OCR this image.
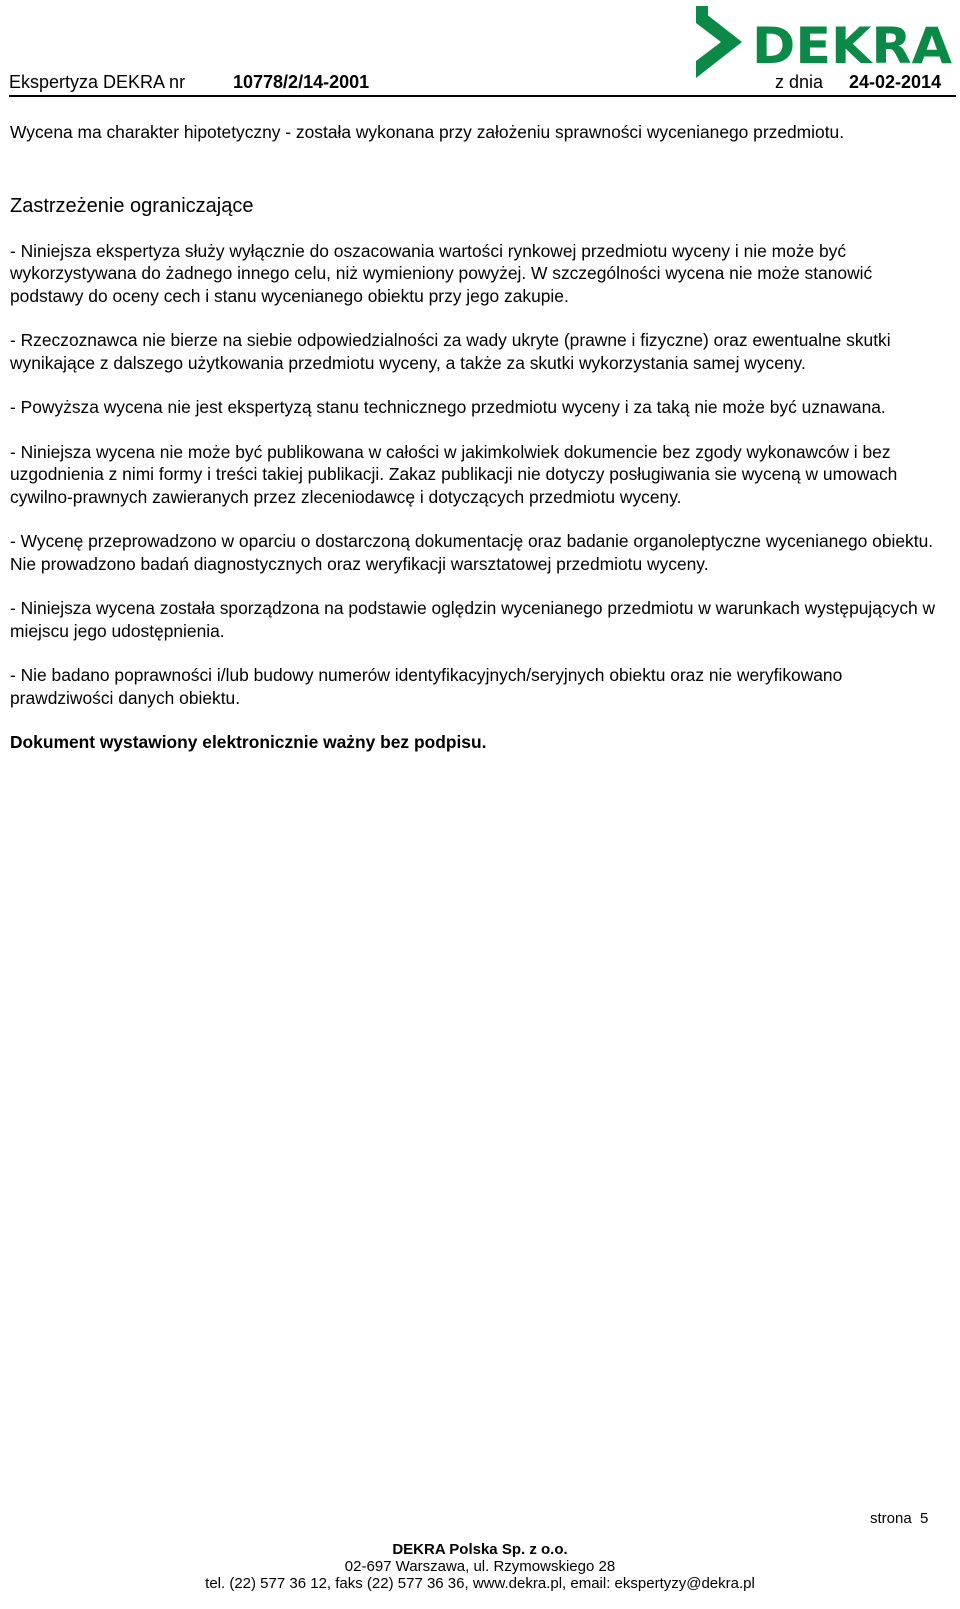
DEKRA
Ekspertyza DEKRA nr	10778/2/14-2001	z dnia 24-02-2014

Wycena ma charakter hipotetyczny - została wykonana przy założeniu sprawności wycenianego przedmiotu.

Zastrzeżenie ograniczające

- Niniejsza ekspertyza służy wyłącznie do oszacowania wartości rynkowej przedmiotu wyceny i nie może być wykorzystywana do żadnego innego celu, niż wymieniony powyżej. W szczególności wycena nie może stanowić podstawy do oceny cech i stanu wycenianego obiektu przy jego zakupie.

- Rzeczoznawca nie bierze na siebie odpowiedzialności za wady ukryte (prawne i fizyczne) oraz ewentualne skutki wynikające z dalszego użytkowania przedmiotu wyceny, a także za skutki wykorzystania samej wyceny.

- Powyższa wycena nie jest ekspertyzą stanu technicznego przedmiotu wyceny i za taką nie może być uznawana.

- Niniejsza wycena nie może być publikowana w całości w jakimkolwiek dokumencie bez zgody wykonawców i bez uzgodnienia z nimi formy i treści takiej publikacji. Zakaz publikacji nie dotyczy posługiwania sie wyceną w umowach cywilno-prawnych zawieranych przez zleceniodawcę i dotyczących przedmiotu wyceny.

- Wycenę przeprowadzono w oparciu o dostarczoną dokumentację oraz badanie organoleptyczne wycenianego obiektu. Nie prowadzono badań diagnostycznych oraz weryfikacji warsztatowej przedmiotu wyceny.

- Niniejsza wycena została sporządzona na podstawie oględzin wycenianego przedmiotu w warunkach występujących w miejscu jego udostępnienia.

- Nie badano poprawności i/lub budowy numerów identyfikacyjnych/seryjnych obiektu oraz nie weryfikowano prawdziwości danych obiektu.

Dokument wystawiony elektronicznie ważny bez podpisu.

strona 5
DEKRA Polska Sp. z o.o.
02-697 Warszawa, ul. Rzymowskiego 28
tel. (22) 577 36 12, faks (22) 577 36 36, www.dekra.pl, email: ekspertyzy@dekra.pl
